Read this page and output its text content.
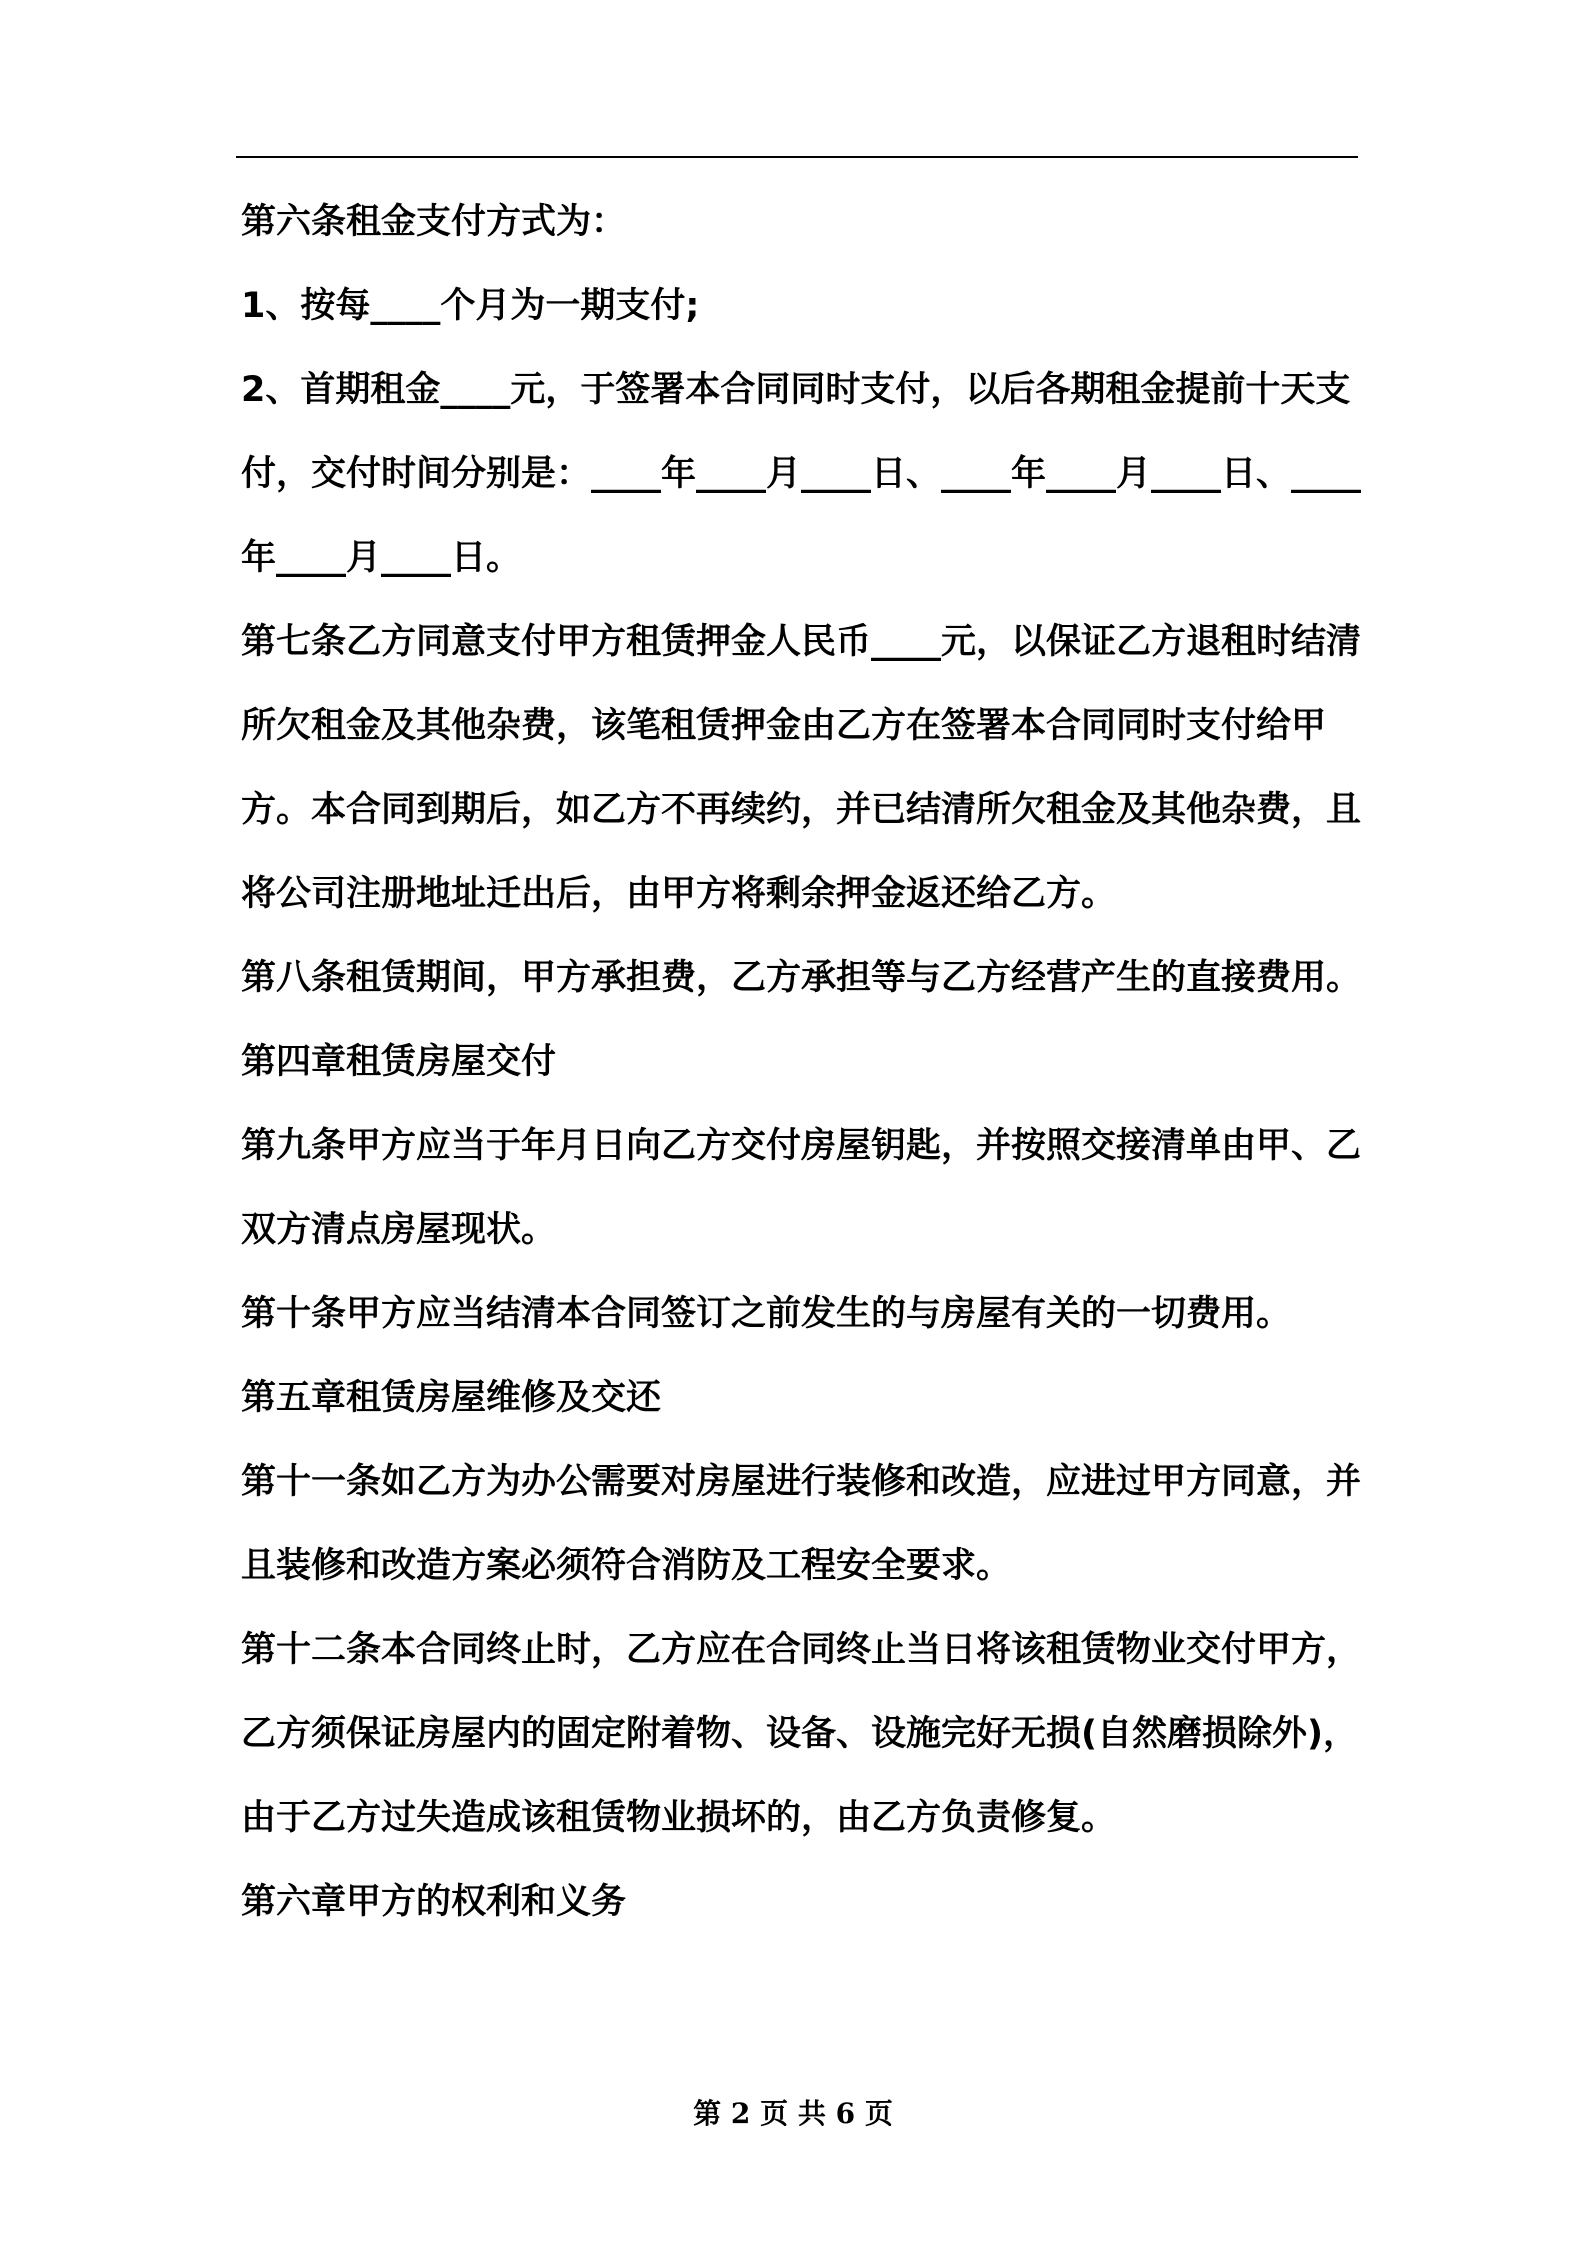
第六条租金支付方式为：

1、按每____个月为一期支付;

2、首期租金____元，于签署本合同同时支付，以后各期租金提前十天支付，交付时间分别是：____年____月____日、____年____月____日、____年____月____日。

第七条乙方同意支付甲方租赁押金人民币____元，以保证乙方退租时结清所欠租金及其他杂费，该笔租赁押金由乙方在签署本合同同时支付给甲方。本合同到期后，如乙方不再续约，并已结清所欠租金及其他杂费，且将公司注册地址迁出后，由甲方将剩余押金返还给乙方。

第八条租赁期间，甲方承担费，乙方承担等与乙方经营产生的直接费用。

第四章租赁房屋交付

第九条甲方应当于年月日向乙方交付房屋钥匙，并按照交接清单由甲、乙双方清点房屋现状。

第十条甲方应当结清本合同签订之前发生的与房屋有关的一切费用。

第五章租赁房屋维修及交还

第十一条如乙方为办公需要对房屋进行装修和改造，应进过甲方同意，并且装修和改造方案必须符合消防及工程安全要求。

第十二条本合同终止时，乙方应在合同终止当日将该租赁物业交付甲方，乙方须保证房屋内的固定附着物、设备、设施完好无损(自然磨损除外)，由于乙方过失造成该租赁物业损坏的，由乙方负责修复。

第六章甲方的权利和义务

第 2 页 共 6 页
